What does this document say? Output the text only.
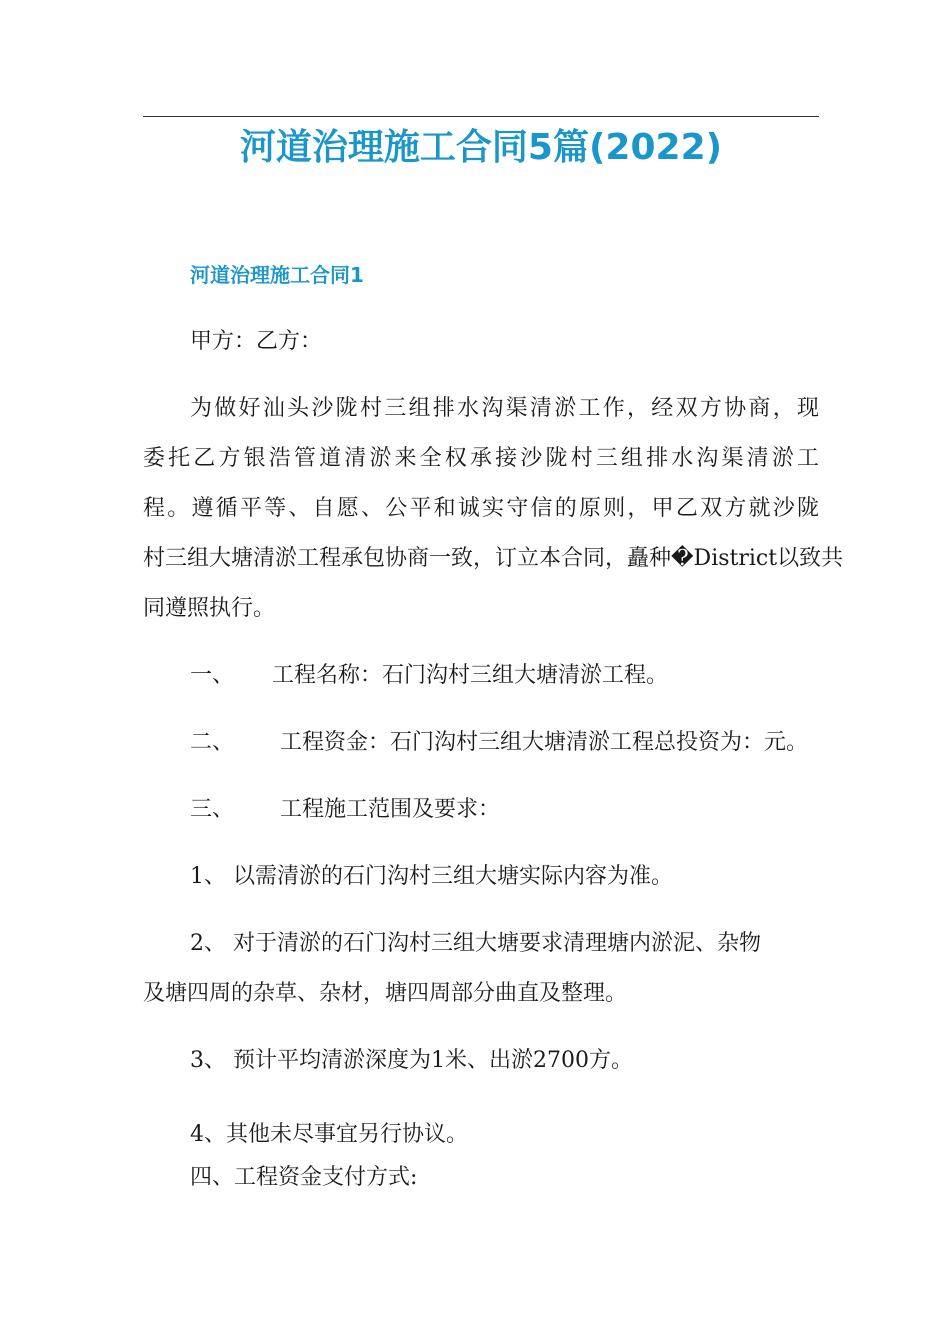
河道治理施工合同5篇(2022)
河道治理施工合同1

甲方：乙方：

为做好汕头沙陇村三组排水沟渠清淤工作，经双方协商，现

委托乙方银浩管道清淤来全权承接沙陇村三组排水沟渠清淤工

程。遵循平等、自愿、公平和诚实守信的原则，甲乙双方就沙陇

村三组大塘清淤工程承包协商一致，订立本合同，矗种�District以致共

同遵照执行。

一、 工程名称：石门沟村三组大塘清淤工程。

二、 工程资金：石门沟村三组大塘清淤工程总投资为：元。

三、 工程施工范围及要求：

1、 以需清淤的石门沟村三组大塘实际内容为准。

2、 对于清淤的石门沟村三组大塘要求清理塘内淤泥、杂物

及塘四周的杂草、杂材，塘四周部分曲直及整理。

3、 预计平均清淤深度为1米、出淤2700方。

4、其他未尽事宜另行协议。

四、工程资金支付方式:
